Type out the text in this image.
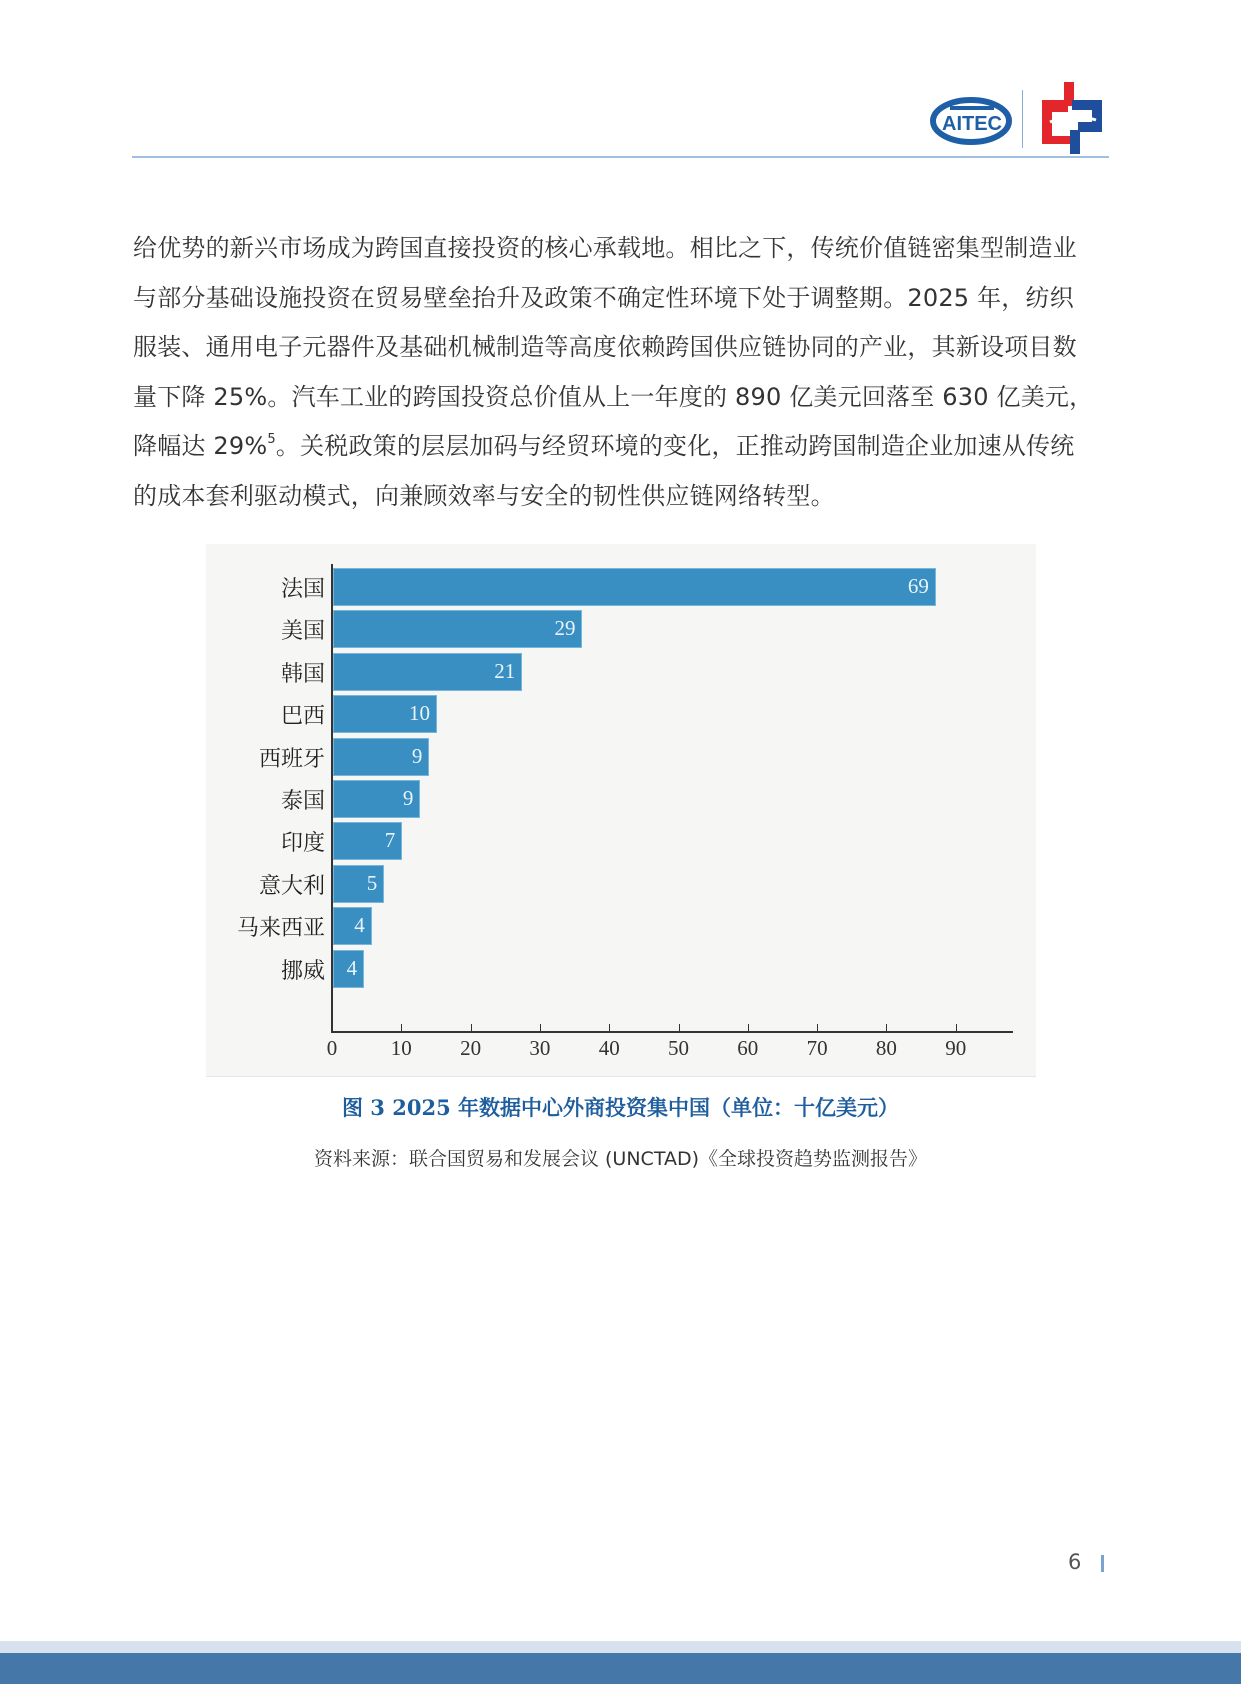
AITEC

给优势的新兴市场成为跨国直接投资的核心承载地。相比之下，传统价值链密集型制造业

与部分基础设施投资在贸易壁垒抬升及政策不确定性环境下处于调整期。2025 年，纺织

服装、通用电子元器件及基础机械制造等高度依赖跨国供应链协同的产业，其新设项目数

量下降 25%。汽车工业的跨国投资总价值从上一年度的 890 亿美元回落至 630 亿美元，

降幅达 29%$^5$。关税政策的层层加码与经贸环境的变化，正推动跨国制造企业加速从传统

的成本套利驱动模式，向兼顾效率与安全的韧性供应链网络转型。

法国	69
美国	29
韩国	21
巴西	10
西班牙	9
泰国	9
印度	7
意大利 5
马来西亚 4
挪威 4
0	10	20	30	40	50	60	70	80	90
图 3 2025 年数据中心外商投资集中国（单位：十亿美元）
资料来源：联合国贸易和发展会议 (UNCTAD)《全球投资趋势监测报告》
6
